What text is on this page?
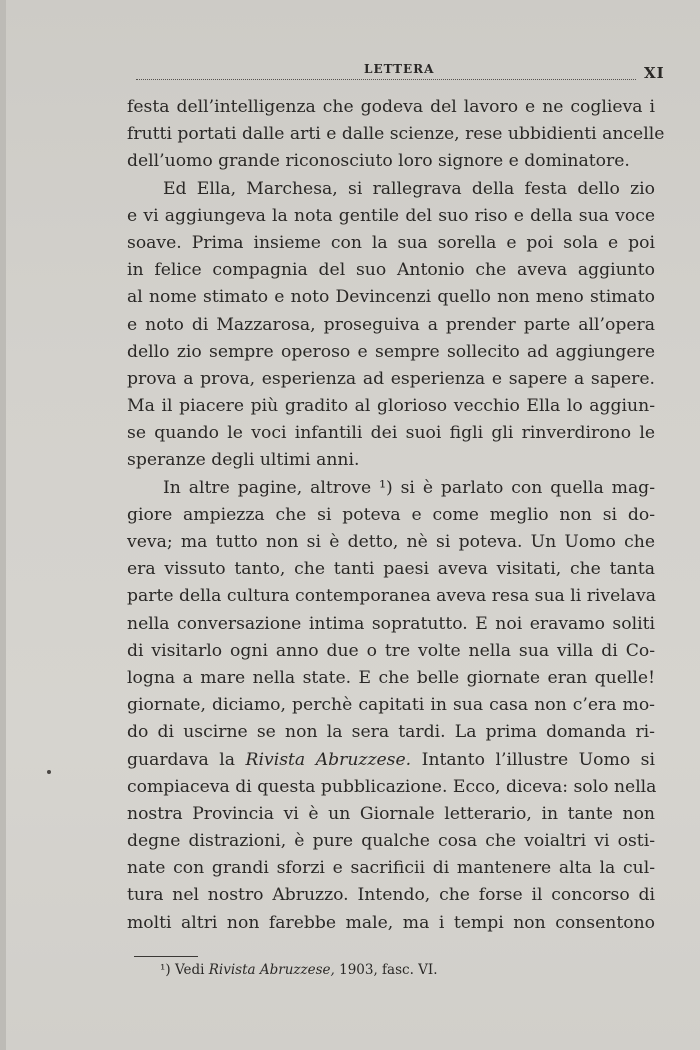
LETTERA	XI
festa dell’intelligenza che godeva del lavoro e ne coglieva i
frutti portati dalle arti e dalle scienze, rese ubbidienti ancelle
dell’uomo grande riconosciuto loro signore e dominatore.
Ed Ella, Marchesa, si rallegrava della festa dello zio
e vi aggiungeva la nota gentile del suo riso e della sua voce
soave. Prima insieme con la sua sorella e poi sola e poi
in felice compagnia del suo Antonio che aveva aggiunto
al nome stimato e noto Devincenzi quello non meno stimato
e noto di Mazzarosa, proseguiva a prender parte all’opera
dello zio sempre operoso e sempre sollecito ad aggiungere
prova a prova, esperienza ad esperienza e sapere a sapere.
Ma il piacere più gradito al glorioso vecchio Ella lo aggiun-
se quando le voci infantili dei suoi figli gli rinverdirono le
speranze degli ultimi anni.
In altre pagine, altrove ¹) si è parlato con quella mag-
giore ampiezza che si poteva e come meglio non si do-
veva; ma tutto non si è detto, nè si poteva. Un Uomo che
era vissuto tanto, che tanti paesi aveva visitati, che tanta
parte della cultura contemporanea aveva resa sua li rivelava
nella conversazione intima sopratutto. E noi eravamo soliti
di visitarlo ogni anno due o tre volte nella sua villa di Co-
logna a mare nella state. E che belle giornate eran quelle!
giornate, diciamo, perchè capitati in sua casa non c’era mo-
do di uscirne se non la sera tardi. La prima domanda ri-
guardava la Rivista Abruzzese. Intanto l’illustre Uomo si
compiaceva di questa pubblicazione. Ecco, diceva: solo nella
nostra Provincia vi è un Giornale letterario, in tante non
degne distrazioni, è pure qualche cosa che voialtri vi osti-
nate con grandi sforzi e sacrificii di mantenere alta la cul-
tura nel nostro Abruzzo. Intendo, che forse il concorso di
molti altri non farebbe male, ma i tempi non consentono
¹) Vedi Rivista Abruzzese, 1903, fasc. VI.
